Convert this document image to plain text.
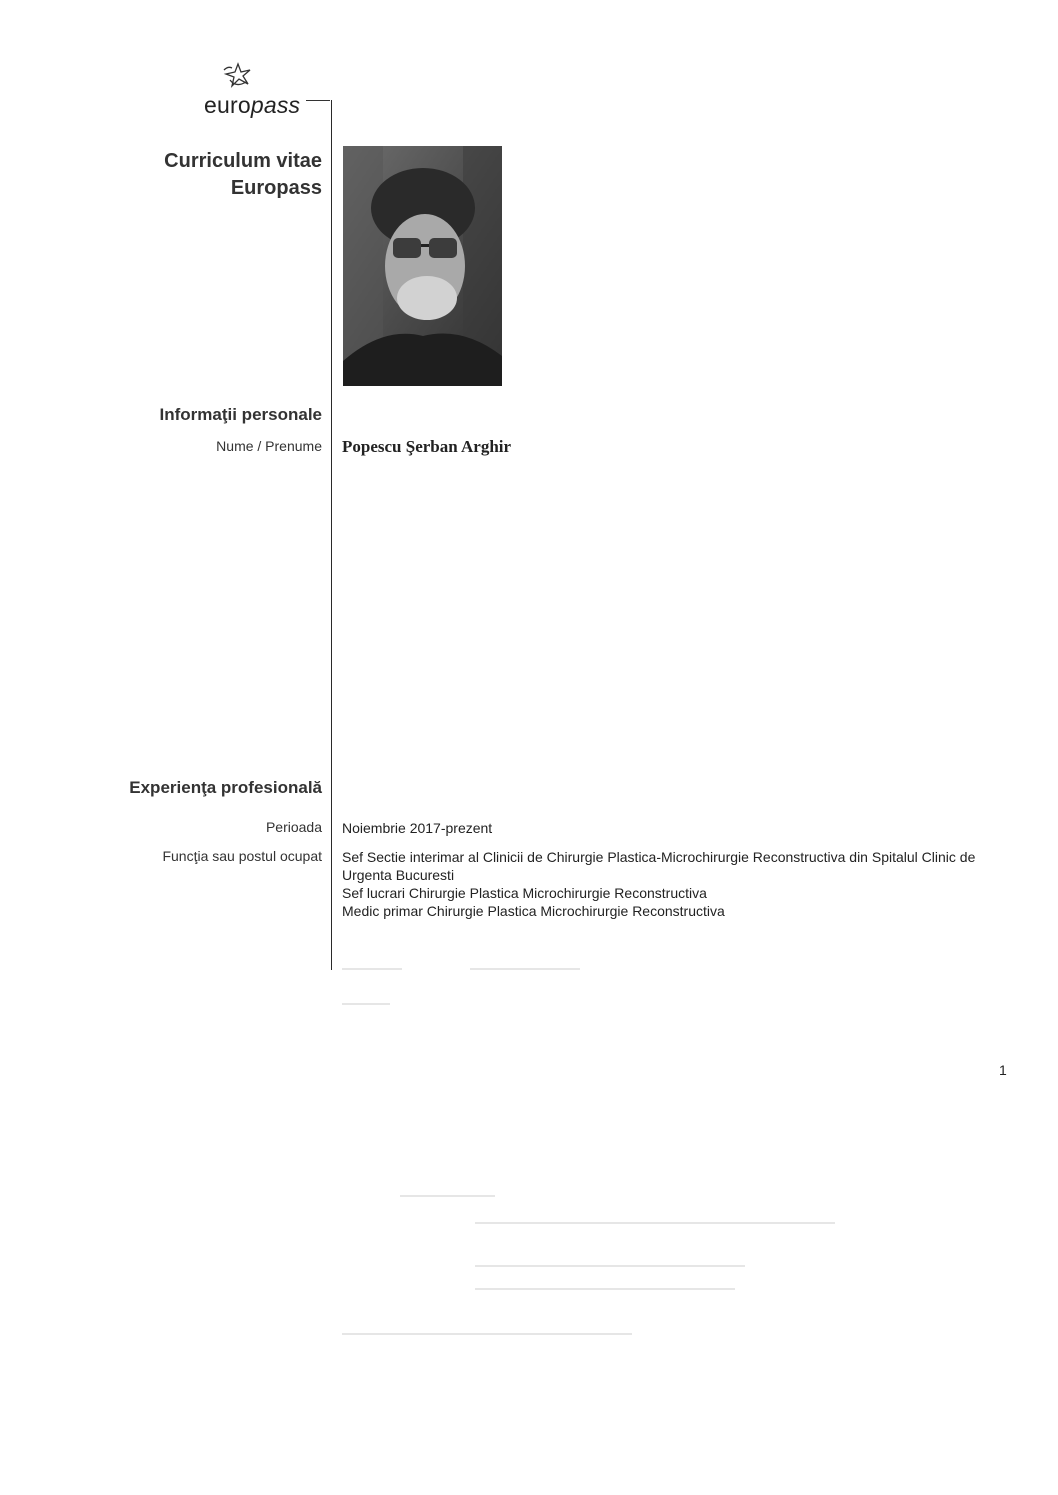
europass
Curriculum vitae
Europass
Informaţii personale
Nume / Prenume Popescu Şerban Arghir
Experienţa profesională
Perioada Noiembrie 2017-prezent
Funcţia sau postul ocupat Sef Sectie interimar al Clinicii de Chirurgie Plastica-Microchirurgie Reconstructiva din Spitalul Clinic de
Urgenta Bucuresti
Sef lucrari Chirurgie Plastica Microchirurgie Reconstructiva
Medic primar Chirurgie Plastica Microchirurgie Reconstructiva
1
